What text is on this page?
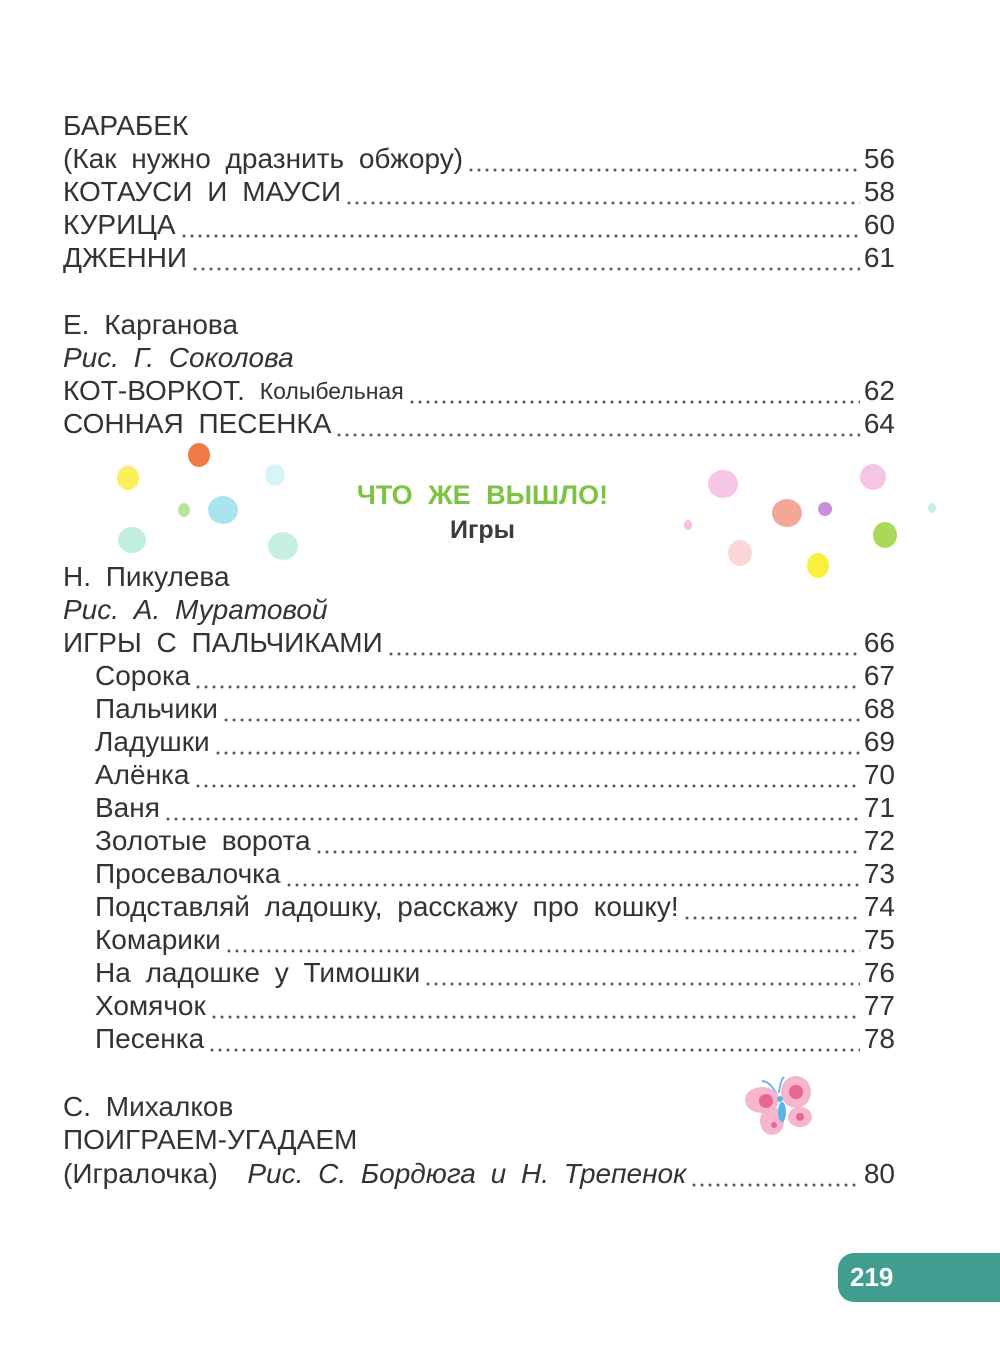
БАРАБЕК
(Как нужно дразнить обжору)	56
КОТАУСИ И МАУСИ	58
КУРИЦА	60
ДЖЕННИ	61
Е. Карганова
Рис. Г. Соколова
КОТ-ВОРКОТ.
Колыбельная	62
СОННАЯ ПЕСЕНКА	64
ЧТО ЖЕ ВЫШЛО!
Игры
Н. Пикулева
Рис. А. Муратовой
ИГРЫ С ПАЛЬЧИКАМИ	66
Сорока	67
Пальчики	68
Ладушки	69
Алёнка	70
Ваня	71
Золотые ворота	72
Просевалочка	73
Подставляй ладошку, расскажу про кошку!	74
Комарики	75
На ладошке у Тимошки	76
Хомячок	77
Песенка	78
С. Михалков
ПОИГРАЕМ-УГАДАЕМ
(Игралочка)
Рис. С. Бордюга и Н. Трепенок	80
219
